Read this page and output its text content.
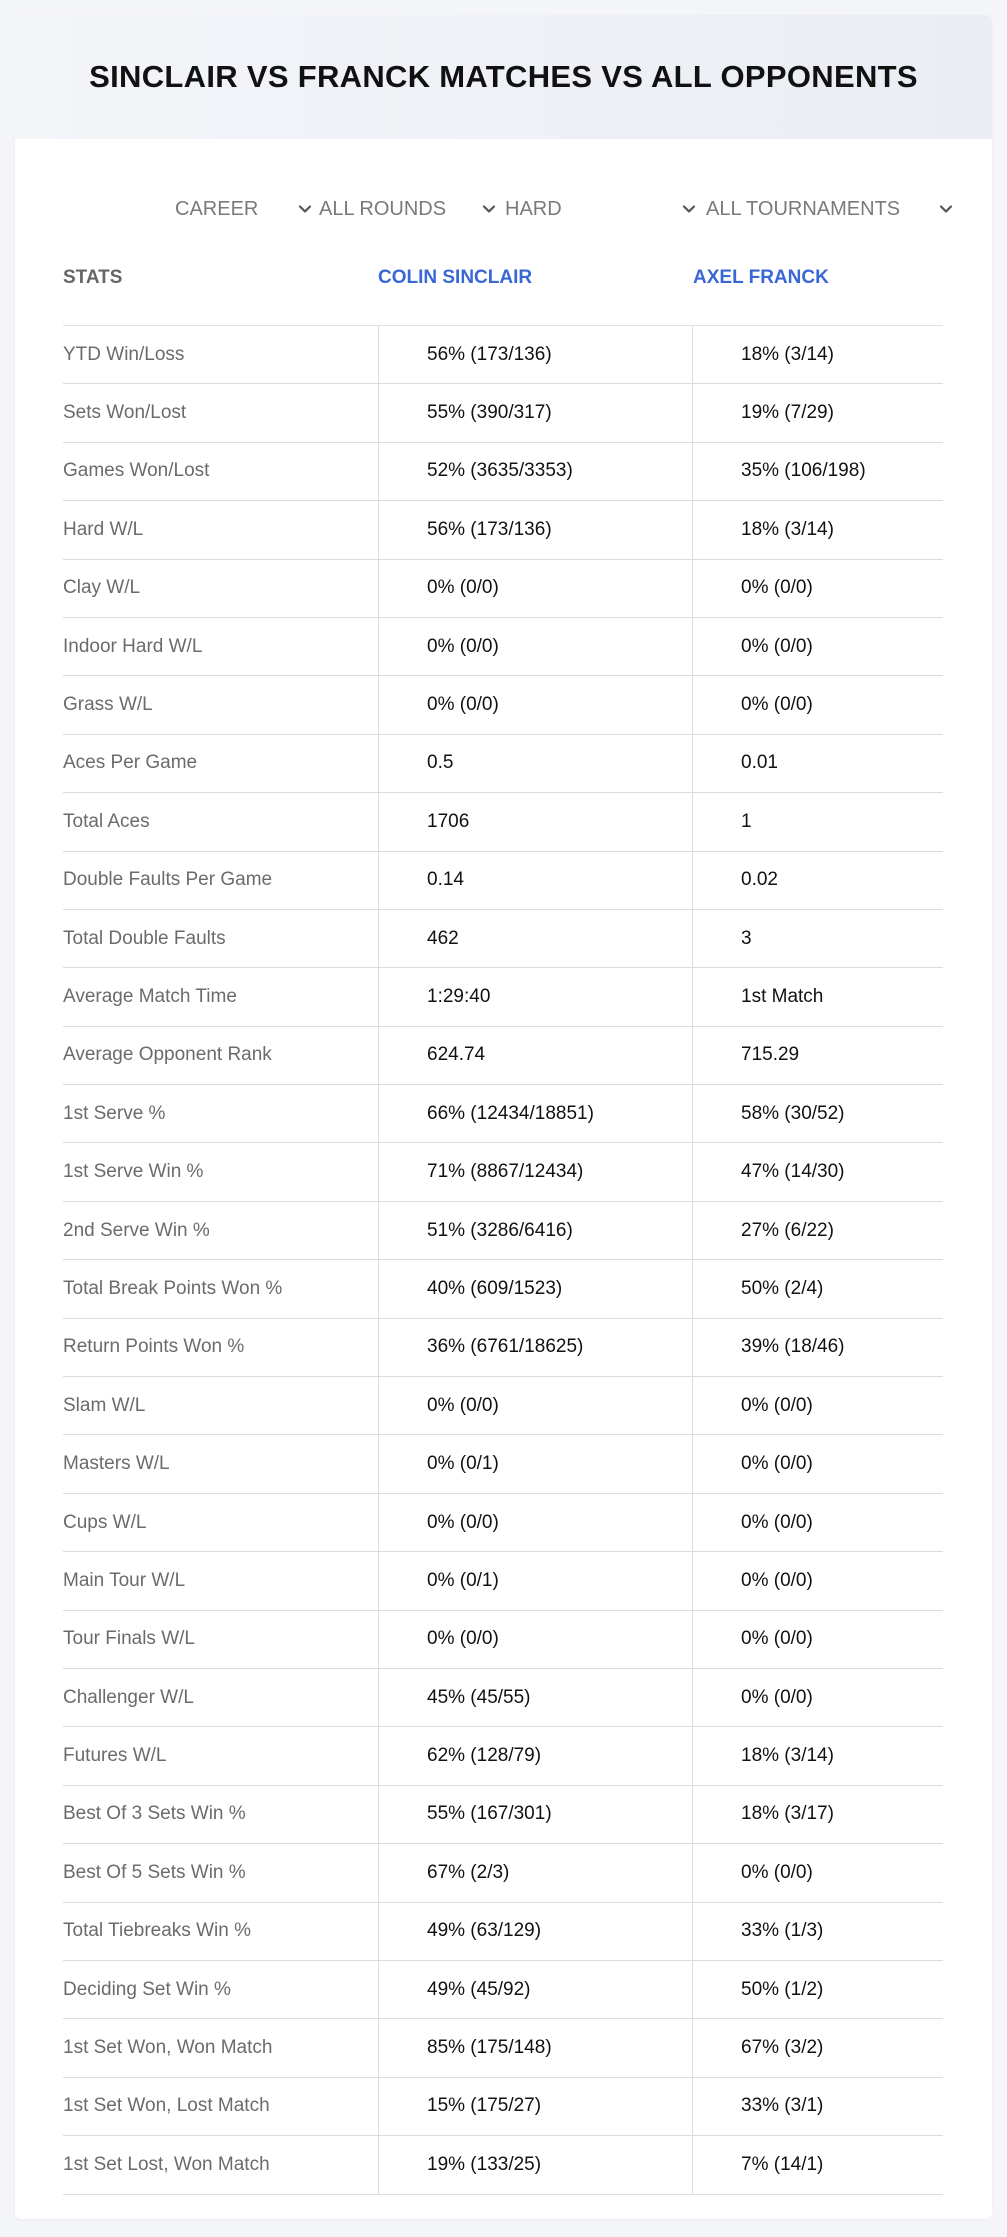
SINCLAIR VS FRANCK MATCHES VS ALL OPPONENTS
CAREER	ALL ROUNDS	HARD	ALL TOURNAMENTS
STATS	COLIN SINCLAIR	AXEL FRANCK
YTD Win/Loss	56% (173/136)	18% (3/14)
Sets Won/Lost	55% (390/317)	19% (7/29)
Games Won/Lost	52% (3635/3353)	35% (106/198)
Hard W/L	56% (173/136)	18% (3/14)
Clay W/L	0% (0/0)	0% (0/0)
Indoor Hard W/L	0% (0/0)	0% (0/0)
Grass W/L	0% (0/0)	0% (0/0)
Aces Per Game	0.5	0.01
Total Aces	1706	1
Double Faults Per Game	0.14	0.02
Total Double Faults	462	3
Average Match Time	1:29:40	1st Match
Average Opponent Rank	624.74	715.29
1st Serve %	66% (12434/18851)	58% (30/52)
1st Serve Win %	71% (8867/12434)	47% (14/30)
2nd Serve Win %	51% (3286/6416)	27% (6/22)
Total Break Points Won %	40% (609/1523)	50% (2/4)
Return Points Won %	36% (6761/18625)	39% (18/46)
Slam W/L	0% (0/0)	0% (0/0)
Masters W/L	0% (0/1)	0% (0/0)
Cups W/L	0% (0/0)	0% (0/0)
Main Tour W/L	0% (0/1)	0% (0/0)
Tour Finals W/L	0% (0/0)	0% (0/0)
Challenger W/L	45% (45/55)	0% (0/0)
Futures W/L	62% (128/79)	18% (3/14)
Best Of 3 Sets Win %	55% (167/301)	18% (3/17)
Best Of 5 Sets Win %	67% (2/3)	0% (0/0)
Total Tiebreaks Win %	49% (63/129)	33% (1/3)
Deciding Set Win %	49% (45/92)	50% (1/2)
1st Set Won, Won Match	85% (175/148)	67% (3/2)
1st Set Won, Lost Match	15% (175/27)	33% (3/1)
1st Set Lost, Won Match	19% (133/25)	7% (14/1)
